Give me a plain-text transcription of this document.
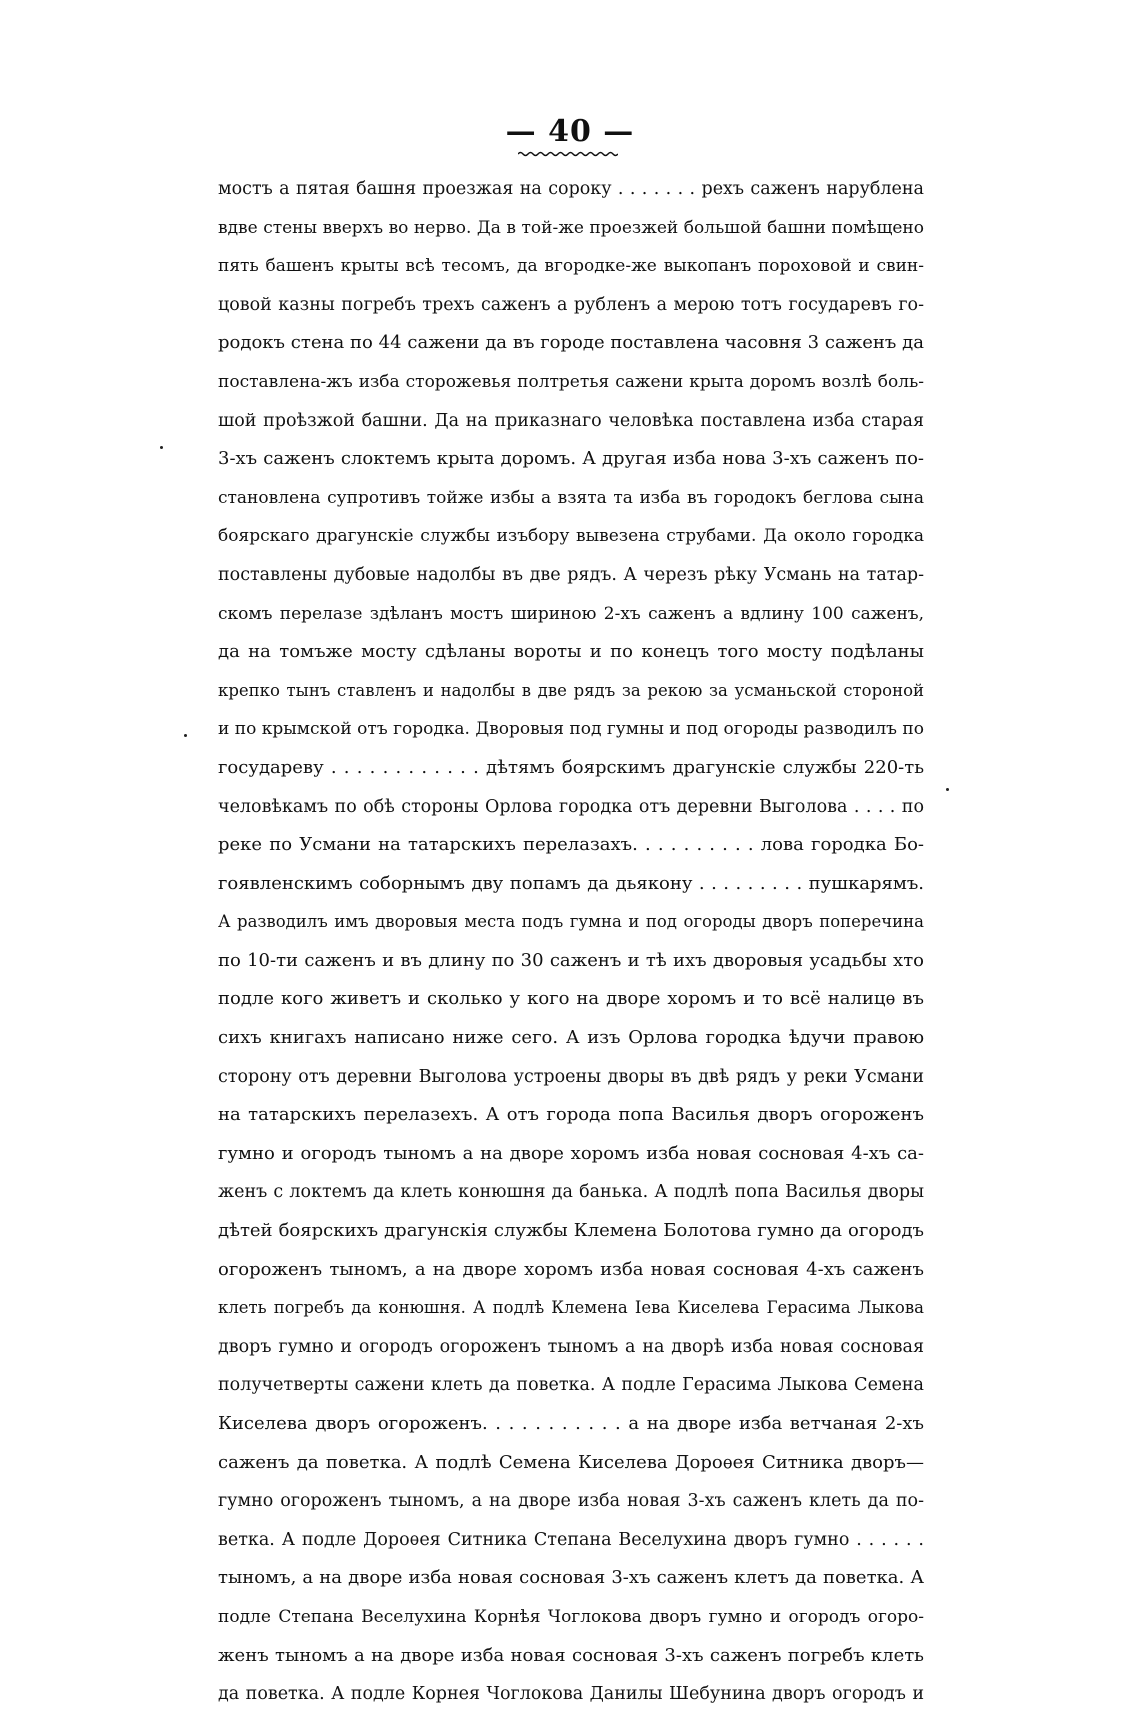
— 40 —
мостъ а пятая башня проезжая на сороку . . . . . . . рехъ саженъ нарублена
вдве стены вверхъ во нерво. Да в той-же проезжей большой башни помѣщено
пять башенъ крыты всѣ тесомъ, да вгородке-же выкопанъ пороховой и свин-
цовой казны погребъ трехъ саженъ а рубленъ а мерою тотъ государевъ го-
родокъ стена по 44 сажени да въ городе поставлена часовня 3 саженъ да
поставлена-жъ изба сторожевья полтретья сажени крыта доромъ возлѣ боль-
шой проѣзжой башни. Да на приказнаго человѣка поставлена изба старая
3-хъ саженъ слоктемъ крыта доромъ. А другая изба нова 3-хъ саженъ по-
становлена супротивъ тойже избы а взята та изба въ городокъ беглова сына
боярскаго драгунскіе службы изъбору вывезена струбами. Да около городка
поставлены дубовые надолбы въ две рядъ. А черезъ рѣку Усмань на татар-
скомъ перелазе здѣланъ мостъ шириною 2-хъ саженъ а вдлину 100 саженъ,
да на томъже мосту сдѣланы вороты и по конецъ того мосту подѣланы
крепко тынъ ставленъ и надолбы в две рядъ за рекою за усманьской стороной
и по крымской отъ городка. Дворовыя под гумны и под огороды разводилъ по
государеву . . . . . . . . . . . . дѣтямъ боярскимъ драгунскіе службы 220-ть
человѣкамъ по обѣ стороны Орлова городка отъ деревни Выголова . . . . по
реке по Усмани на татарскихъ перелазахъ. . . . . . . . . . лова городка Бо-
гоявленскимъ соборнымъ дву попамъ да дьякону . . . . . . . . . пушкарямъ.
А разводилъ имъ дворовыя места подъ гумна и под огороды дворъ поперечина
по 10-ти саженъ и въ длину по 30 саженъ и тѣ ихъ дворовыя усадьбы хто
подле кого живетъ и сколько у кого на дворе хоромъ и то всё налицѳ въ
сихъ книгахъ написано ниже сего. А изъ Орлова городка ѣдучи правою
сторону отъ деревни Выголова устроены дворы въ двѣ рядъ у реки Усмани
на татарскихъ перелазехъ. А отъ города попа Василья дворъ огороженъ
гумно и огородъ тыномъ а на дворе хоромъ изба новая сосновая 4-хъ са-
женъ с локтемъ да клеть конюшня да банька. А подлѣ попа Василья дворы
дѣтей боярскихъ драгунскія службы Клемена Болотова гумно да огородъ
огороженъ тыномъ, а на дворе хоромъ изба новая сосновая 4-хъ саженъ
клеть погребъ да конюшня. А подлѣ Клемена Іева Киселева Герасима Лыкова
дворъ гумно и огородъ огороженъ тыномъ а на дворѣ изба новая сосновая
получетверты сажени клеть да поветка. А подле Герасима Лыкова Семена
Киселева дворъ огороженъ. . . . . . . . . . . а на дворе изба ветчаная 2-хъ
саженъ да поветка. А подлѣ Семена Киселева Дороѳея Ситника дворъ—
гумно огороженъ тыномъ, а на дворе изба новая 3-хъ саженъ клеть да по-
ветка. А подле Дороѳея Ситника Степана Веселухина дворъ гумно . . . . . .
тыномъ, а на дворе изба новая сосновая 3-хъ саженъ клетъ да поветка. А
подле Степана Веселухина Корнѣя Чоглокова дворъ гумно и огородъ огоро-
женъ тыномъ а на дворе изба новая сосновая 3-хъ саженъ погребъ клеть
да поветка. А подле Корнея Чоглокова Данилы Шебунина дворъ огородъ и
